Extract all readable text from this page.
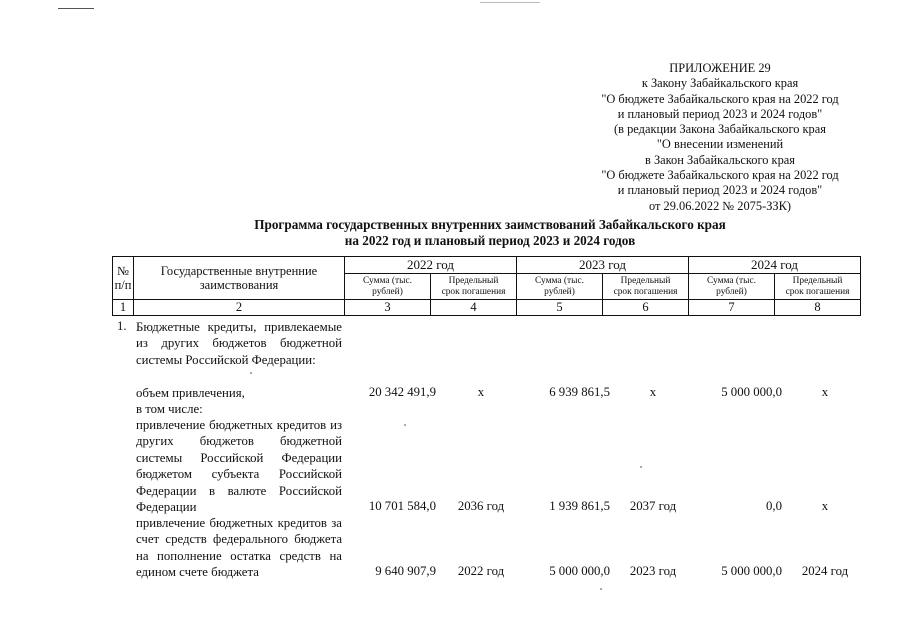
ПРИЛОЖЕНИЕ 29
к Закону Забайкальского края
"О бюджете Забайкальского края на 2022 год
и плановый период 2023 и 2024 годов"
(в редакции Закона Забайкальского края
"О внесении изменений
в Закон Забайкальского края
"О бюджете Забайкальского края на 2022 год
и плановый период 2023 и 2024 годов"
от 29.06.2022 № 2075-ЗЗК)
Программа государственных внутренних заимствований Забайкальского края
на 2022 год и плановый период 2023 и 2024 годов
№ п/п	Государственные внутренние заимствования	2022 год		2023 год		2024 год	
		Сумма (тыс. рублей)	Предельный срок погашения	Сумма (тыс. рублей)	Предельный срок погашения	Сумма (тыс. рублей)	Предельный срок погашения
1	2	3	4	5	6	7	8
1. Бюджетные кредиты, привлекаемые из других бюджетов бюджетной системы Российской Федерации:
объем привлечения,	20 342 491,9	x	6 939 861,5	x	5 000 000,0	x
в том числе:
привлечение бюджетных кредитов из других бюджетов бюджетной системы Российской Федерации бюджетом субъекта Российской Федерации в валюте Российской Федерации	10 701 584,0	2036 год	1 939 861,5	2037 год	0,0	x
привлечение бюджетных кредитов за счет средств федерального бюджета на пополнение остатка средств на едином счете бюджета	9 640 907,9	2022 год	5 000 000,0	2023 год	5 000 000,0	2024 год
